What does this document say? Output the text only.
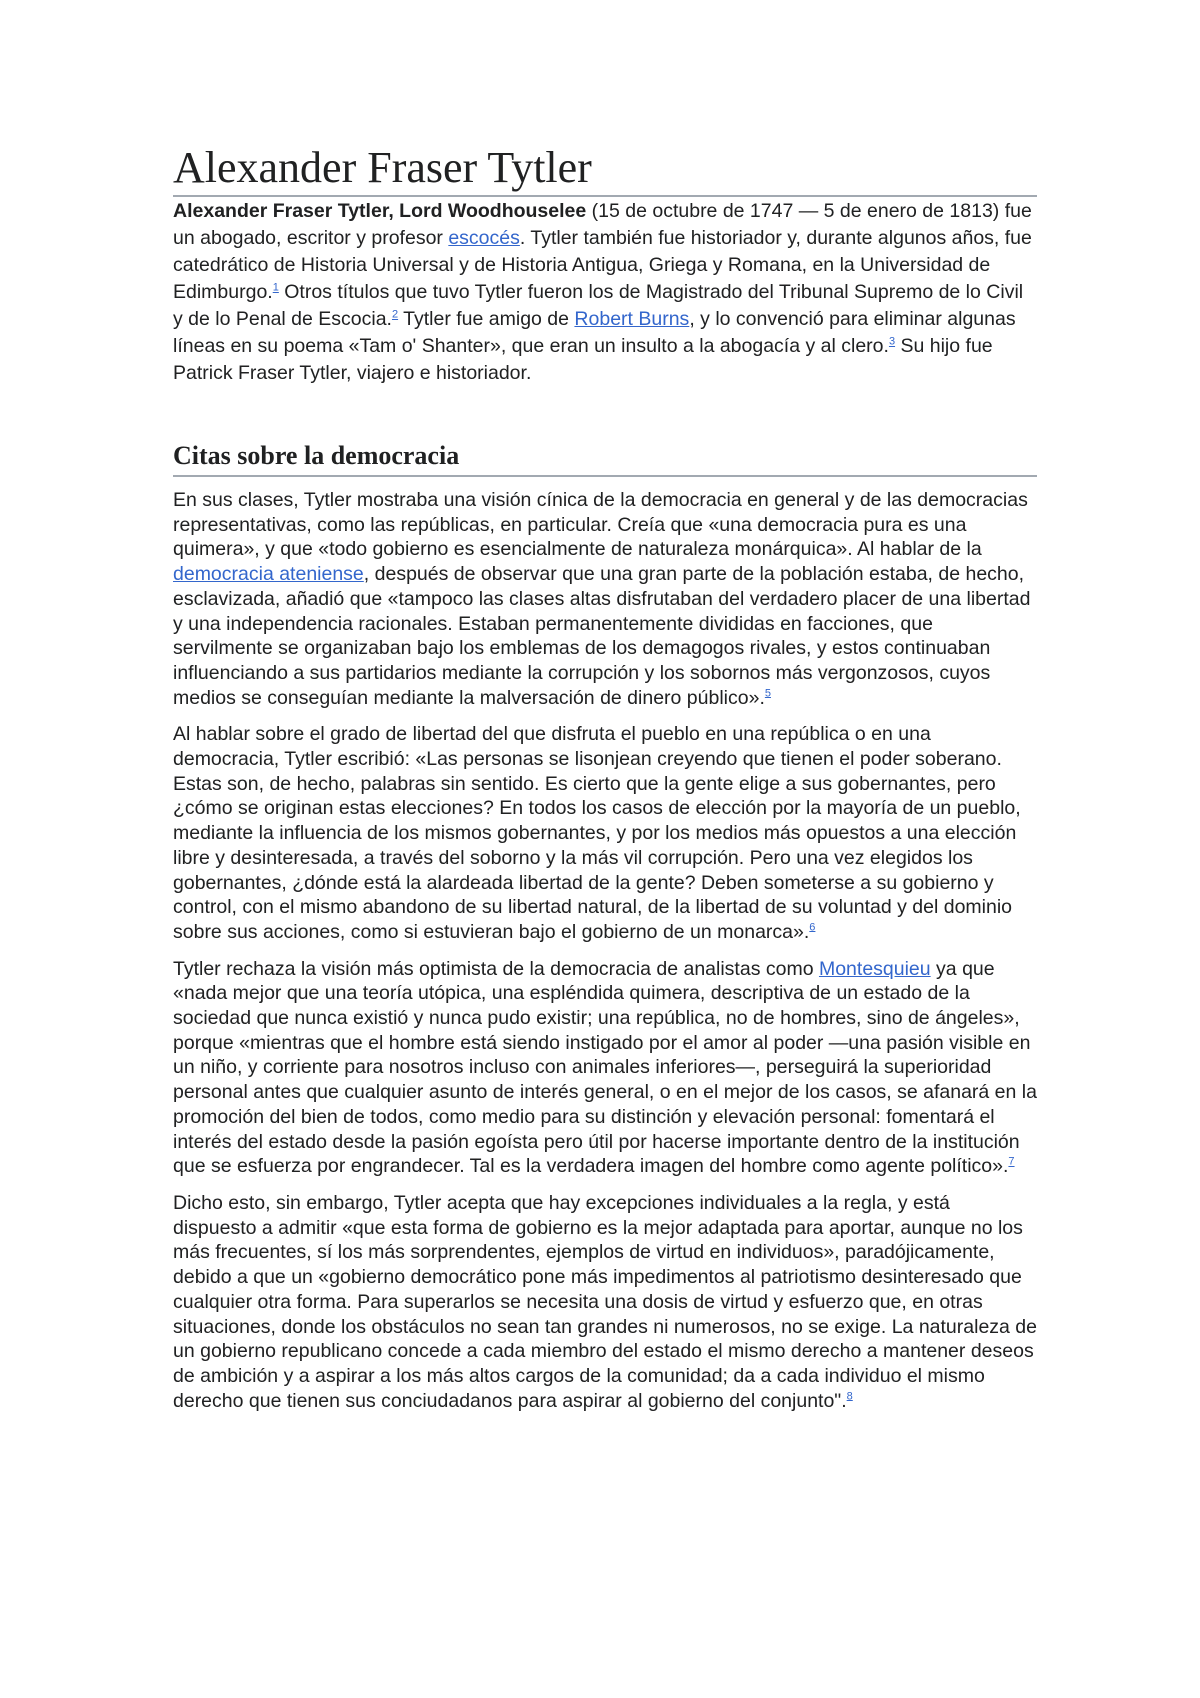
Alexander Fraser Tytler

Alexander Fraser Tytler, Lord Woodhouselee (15 de octubre de 1747 — 5 de enero de 1813) fue un abogado, escritor y profesor escocés. Tytler también fue historiador y, durante algunos años, fue catedrático de Historia Universal y de Historia Antigua, Griega y Romana, en la Universidad de Edimburgo.$^1$ Otros títulos que tuvo Tytler fueron los de Magistrado del Tribunal Supremo de lo Civil y de lo Penal de Escocia.$^2$ Tytler fue amigo de Robert Burns, y lo convenció para eliminar algunas líneas en su poema «Tam o' Shanter», que eran un insulto a la abogacía y al clero.$^3$ Su hijo fue Patrick Fraser Tytler, viajero e historiador.

Citas sobre la democracia

En sus clases, Tytler mostraba una visión cínica de la democracia en general y de las democracias representativas, como las repúblicas, en particular. Creía que «una democracia pura es una quimera», y que «todo gobierno es esencialmente de naturaleza monárquica». Al hablar de la democracia ateniense, después de observar que una gran parte de la población estaba, de hecho, esclavizada, añadió que «tampoco las clases altas disfrutaban del verdadero placer de una libertad y una independencia racionales. Estaban permanentemente divididas en facciones, que servilmente se organizaban bajo los emblemas de los demagogos rivales, y estos continuaban influenciando a sus partidarios mediante la corrupción y los sobornos más vergonzosos, cuyos medios se conseguían mediante la malversación de dinero público».$^5$

Al hablar sobre el grado de libertad del que disfruta el pueblo en una república o en una democracia, Tytler escribió: «Las personas se lisonjean creyendo que tienen el poder soberano. Estas son, de hecho, palabras sin sentido. Es cierto que la gente elige a sus gobernantes, pero ¿cómo se originan estas elecciones? En todos los casos de elección por la mayoría de un pueblo, mediante la influencia de los mismos gobernantes, y por los medios más opuestos a una elección libre y desinteresada, a través del soborno y la más vil corrupción. Pero una vez elegidos los gobernantes, ¿dónde está la alardeada libertad de la gente? Deben someterse a su gobierno y control, con el mismo abandono de su libertad natural, de la libertad de su voluntad y del dominio sobre sus acciones, como si estuvieran bajo el gobierno de un monarca».$^6$

Tytler rechaza la visión más optimista de la democracia de analistas como Montesquieu ya que «nada mejor que una teoría utópica, una espléndida quimera, descriptiva de un estado de la sociedad que nunca existió y nunca pudo existir; una república, no de hombres, sino de ángeles», porque «mientras que el hombre está siendo instigado por el amor al poder —una pasión visible en un niño, y corriente para nosotros incluso con animales inferiores—, perseguirá la superioridad personal antes que cualquier asunto de interés general, o en el mejor de los casos, se afanará en la promoción del bien de todos, como medio para su distinción y elevación personal: fomentará el interés del estado desde la pasión egoísta pero útil por hacerse importante dentro de la institución que se esfuerza por engrandecer. Tal es la verdadera imagen del hombre como agente político».$^7$

Dicho esto, sin embargo, Tytler acepta que hay excepciones individuales a la regla, y está dispuesto a admitir «que esta forma de gobierno es la mejor adaptada para aportar, aunque no los más frecuentes, sí los más sorprendentes, ejemplos de virtud en individuos», paradójicamente, debido a que un «gobierno democrático pone más impedimentos al patriotismo desinteresado que cualquier otra forma. Para superarlos se necesita una dosis de virtud y esfuerzo que, en otras situaciones, donde los obstáculos no sean tan grandes ni numerosos, no se exige. La naturaleza de un gobierno republicano concede a cada miembro del estado el mismo derecho a mantener deseos de ambición y a aspirar a los más altos cargos de la comunidad; da a cada individuo el mismo derecho que tienen sus conciudadanos para aspirar al gobierno del conjunto".$^8$
